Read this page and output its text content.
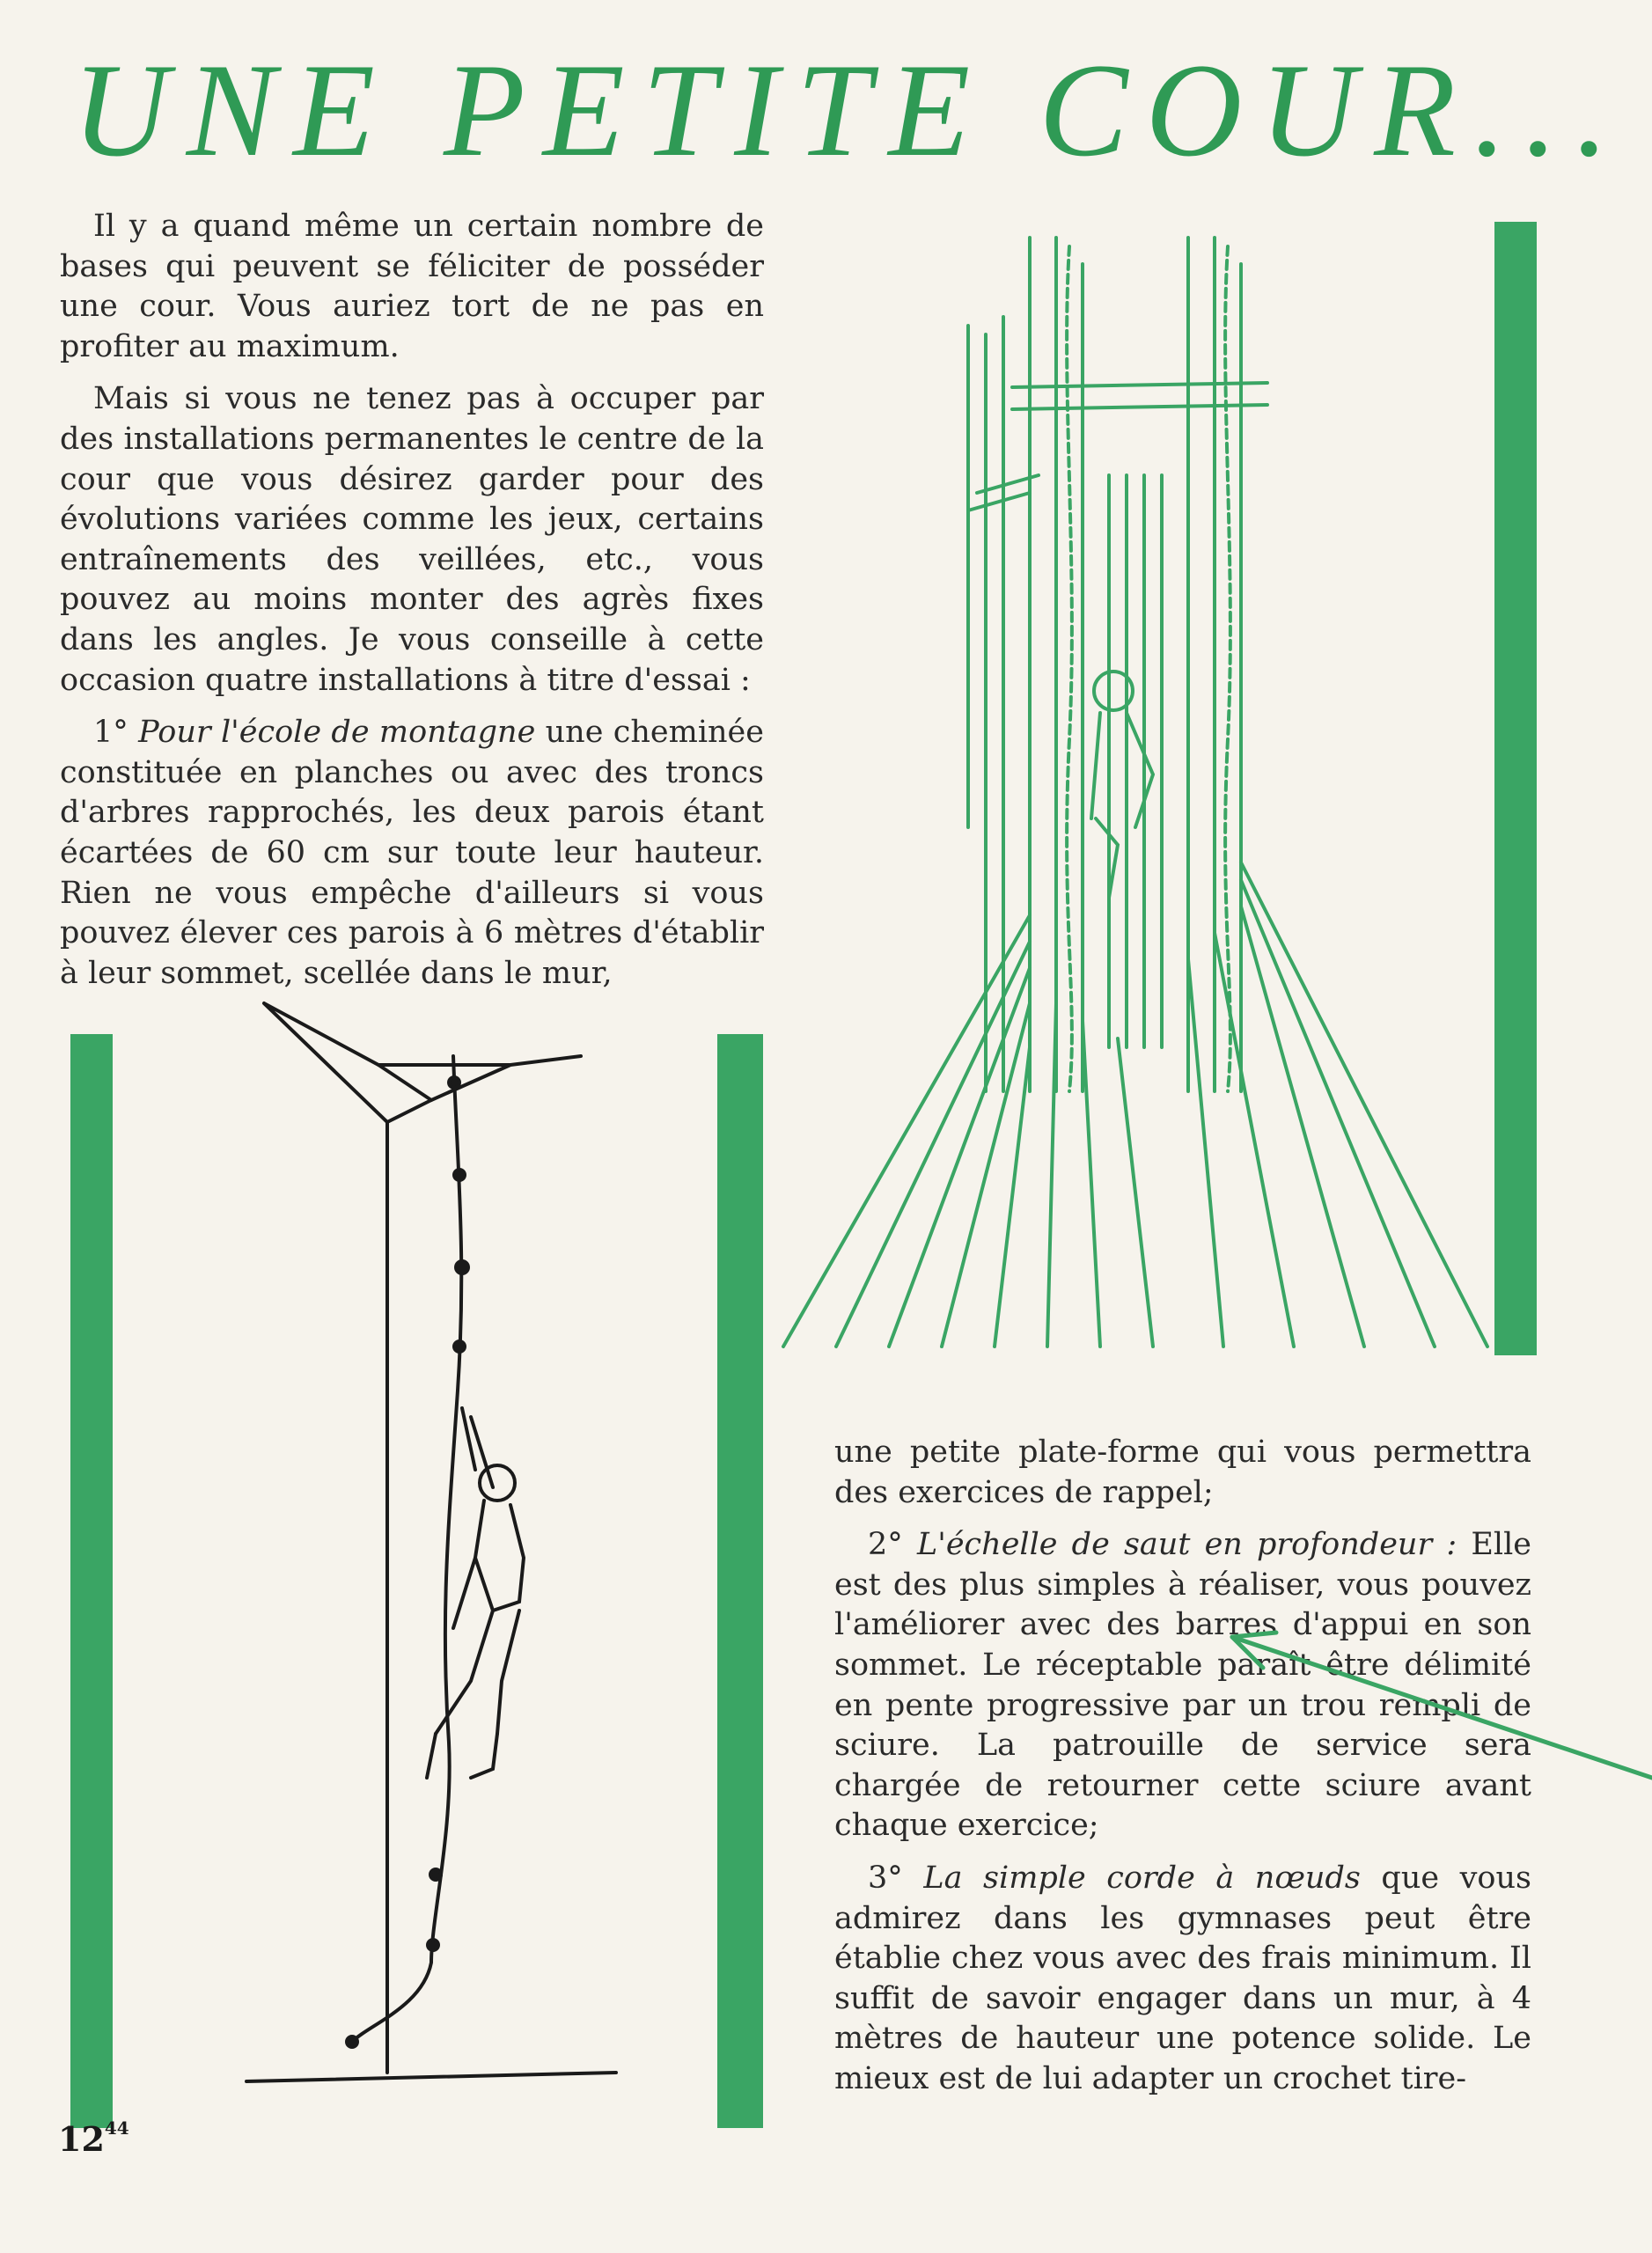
UNE PETITE COUR...

Il y a quand même un certain nombre de bases qui peuvent se féliciter de posséder une cour. Vous auriez tort de ne pas en profiter au maximum.

Mais si vous ne tenez pas à occuper par des installations permanentes le centre de la cour que vous désirez garder pour des évolutions variées comme les jeux, certains entraînements des veillées, etc., vous pouvez au moins monter des agrès fixes dans les angles. Je vous conseille à cette occasion quatre installations à titre d'essai :

1° Pour l'école de montagne une cheminée constituée en planches ou avec des troncs d'arbres rapprochés, les deux parois étant écartées de 60 cm sur toute leur hauteur. Rien ne vous empêche d'ailleurs si vous pouvez élever ces parois à 6 mètres d'établir à leur sommet, scellée dans le mur,

une petite plate-forme qui vous permettra des exercices de rappel;

2° L'échelle de saut en profondeur : Elle est des plus simples à réaliser, vous pouvez l'améliorer avec des barres d'appui en son sommet. Le réceptable paraît être délimité en pente progressive par un trou rempli de sciure. La patrouille de service sera chargée de retourner cette sciure avant chaque exercice;

3° La simple corde à nœuds que vous admirez dans les gymnases peut être établie chez vous avec des frais minimum. Il suffit de savoir engager dans un mur, à 4 mètres de hauteur une potence solide. Le mieux est de lui adapter un crochet tire-

$12^{44}$
